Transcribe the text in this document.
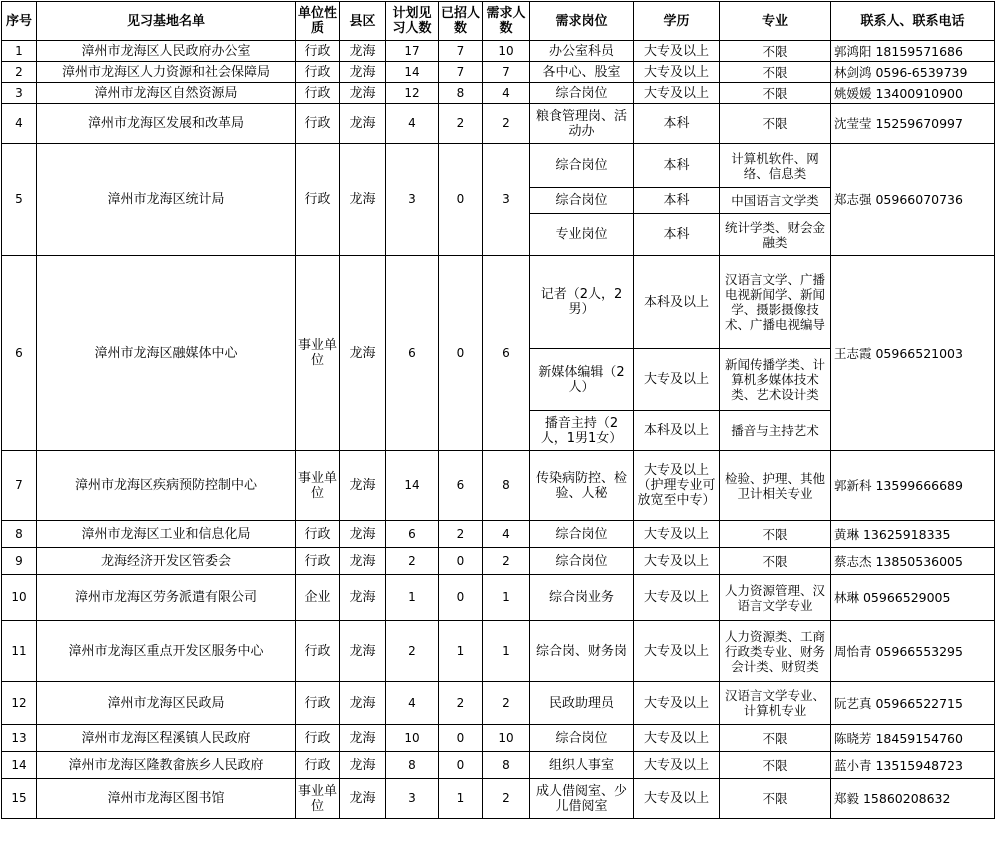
序号	见习基地名单	单位性质	县区	计划见习人数	已招人数	需求人数	需求岗位	学历	专业	联系人、联系电话
1	漳州市龙海区人民政府办公室	行政	龙海	17	7	10	办公室科员	大专及以上	不限	郭鸿阳 18159571686
2	漳州市龙海区人力资源和社会保障局	行政	龙海	14	7	7	各中心、股室	大专及以上	不限	林剑鸿 0596-6539739
3	漳州市龙海区自然资源局	行政	龙海	12	8	4	综合岗位	大专及以上	不限	姚媛媛 13400910900
4	漳州市龙海区发展和改革局	行政	龙海	4	2	2	粮食管理岗、活动办	本科	不限	沈莹莹 15259670997
5	漳州市龙海区统计局	行政	龙海	3	0	3	综合岗位	本科	计算机软件、网络、信息类	郑志强 05966070736
							综合岗位	本科	中国语言文学类	
							专业岗位	本科	统计学类、财会金融类	
6	漳州市龙海区融媒体中心	事业单位	龙海	6	0	6	记者（2人，2男）	本科及以上	汉语言文学、广播电视新闻学、新闻学、摄影摄像技术、广播电视编导	王志霞 05966521003
							新媒体编辑（2人）	大专及以上	新闻传播学类、计算机多媒体技术类、艺术设计类	
							播音主持（2人，1男1女）	本科及以上	播音与主持艺术	
7	漳州市龙海区疾病预防控制中心	事业单位	龙海	14	6	8	传染病防控、检验、人秘	大专及以上（护理专业可放宽至中专）	检验、护理、其他卫计相关专业	郭新科 13599666689
8	漳州市龙海区工业和信息化局	行政	龙海	6	2	4	综合岗位	大专及以上	不限	黄琳 13625918335
9	龙海经济开发区管委会	行政	龙海	2	0	2	综合岗位	大专及以上	不限	蔡志杰 13850536005
10	漳州市龙海区劳务派遣有限公司	企业	龙海	1	0	1	综合岗业务	大专及以上	人力资源管理、汉语言文学专业	林琳 05966529005
11	漳州市龙海区重点开发区服务中心	行政	龙海	2	1	1	综合岗、财务岗	大专及以上	人力资源类、工商行政类专业、财务会计类、财贸类	周怡青 05966553295
12	漳州市龙海区民政局	行政	龙海	4	2	2	民政助理员	大专及以上	汉语言文学专业、计算机专业	阮艺真 05966522715
13	漳州市龙海区程溪镇人民政府	行政	龙海	10	0	10	综合岗位	大专及以上	不限	陈晓芳 18459154760
14	漳州市龙海区隆教畲族乡人民政府	行政	龙海	8	0	8	组织人事室	大专及以上	不限	蓝小青 13515948723
15	漳州市龙海区图书馆	事业单位	龙海	3	1	2	成人借阅室、少儿借阅室	大专及以上	不限	郑毅 15860208632
